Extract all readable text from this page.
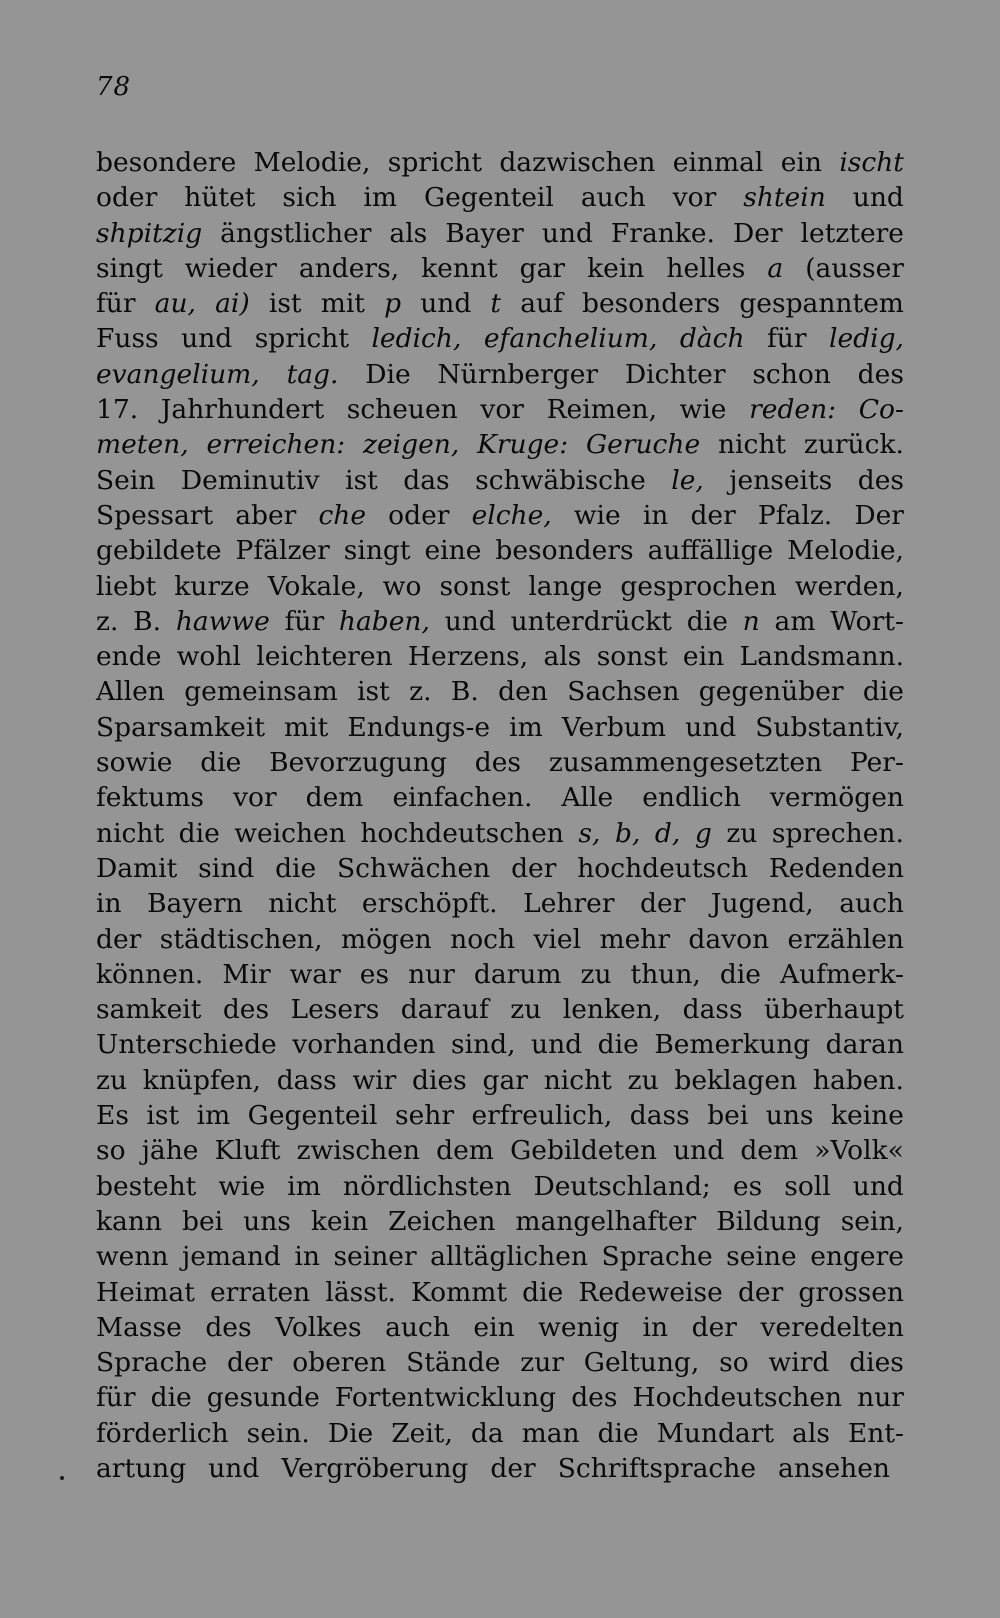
78
besondere Melodie, spricht dazwischen einmal ein ischt
oder hütet sich im Gegenteil auch vor shtein und
shpitzig ängstlicher als Bayer und Franke. Der letztere
singt wieder anders, kennt gar kein helles a (ausser
für au, ai) ist mit p und t auf besonders gespanntem
Fuss und spricht ledich, efanchelium, dàch für ledig,
evangelium, tag. Die Nürnberger Dichter schon des
17. Jahrhundert scheuen vor Reimen, wie reden: Co-
meten, erreichen: zeigen, Kruge: Geruche nicht zurück.
Sein Deminutiv ist das schwäbische le, jenseits des
Spessart aber che oder elche, wie in der Pfalz. Der
gebildete Pfälzer singt eine besonders auffällige Melodie,
liebt kurze Vokale, wo sonst lange gesprochen werden,
z. B. hawwe für haben, und unterdrückt die n am Wort-
ende wohl leichteren Herzens, als sonst ein Landsmann.
Allen gemeinsam ist z. B. den Sachsen gegenüber die
Sparsamkeit mit Endungs-e im Verbum und Substantiv,
sowie die Bevorzugung des zusammengesetzten Per-
fektums vor dem einfachen. Alle endlich vermögen
nicht die weichen hochdeutschen s, b, d, g zu sprechen.
Damit sind die Schwächen der hochdeutsch Redenden
in Bayern nicht erschöpft. Lehrer der Jugend, auch
der städtischen, mögen noch viel mehr davon erzählen
können. Mir war es nur darum zu thun, die Aufmerk-
samkeit des Lesers darauf zu lenken, dass überhaupt
Unterschiede vorhanden sind, und die Bemerkung daran
zu knüpfen, dass wir dies gar nicht zu beklagen haben.
Es ist im Gegenteil sehr erfreulich, dass bei uns keine
so jähe Kluft zwischen dem Gebildeten und dem »Volk«
besteht wie im nördlichsten Deutschland; es soll und
kann bei uns kein Zeichen mangelhafter Bildung sein,
wenn jemand in seiner alltäglichen Sprache seine engere
Heimat erraten lässt. Kommt die Redeweise der grossen
Masse des Volkes auch ein wenig in der veredelten
Sprache der oberen Stände zur Geltung, so wird dies
für die gesunde Fortentwicklung des Hochdeutschen nur
förderlich sein. Die Zeit, da man die Mundart als Ent-
artung und Vergröberung der Schriftsprache ansehen
